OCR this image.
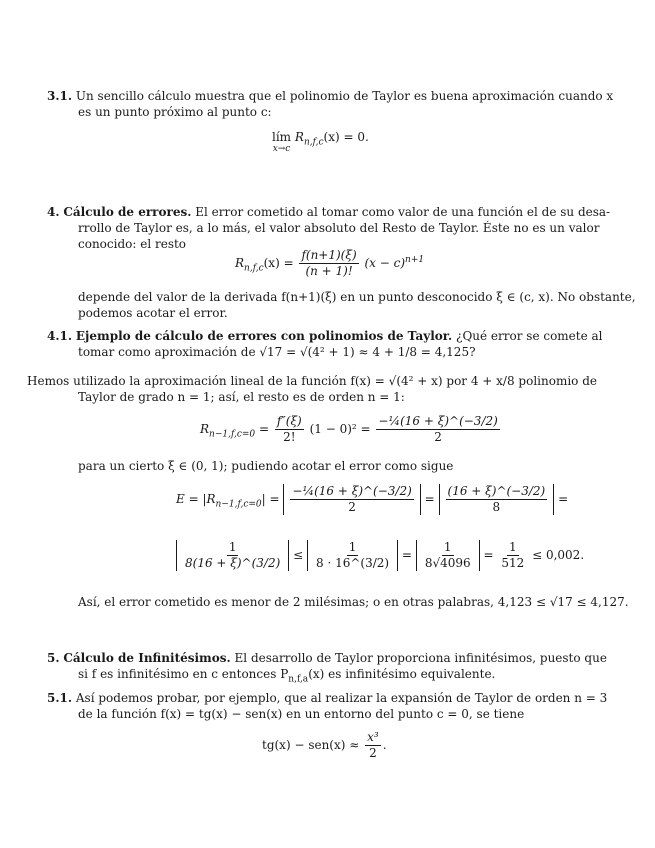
3.1. Un sencillo cálculo muestra que el polinomio de Taylor es buena aproximación cuando x
es un punto próximo al punto c:
lím
x→c
$R_{n,f,c}(x) = 0$.
4. Cálculo de errores. El error cometido al tomar como valor de una función el de su desa-
rrollo de Taylor es, a lo más, el valor absoluto del Resto de Taylor. Éste no es un valor
conocido: el resto
$R_{n,f,c}(x) = \frac{f(n+1)(\xi)}{(n + 1)!} (x - c)^{n+1}$
depende del valor de la derivada f(n+1)(ξ) en un punto desconocido ξ ∈ (c, x). No obstante,
podemos acotar el error.
4.1. Ejemplo de cálculo de errores con polinomios de Taylor. ¿Qué error se comete al
tomar como aproximación de √17 = √(4² + 1) ≈ 4 + 1/8 = 4,125?
Hemos utilizado la aproximación lineal de la función f(x) = √(4² + x) por 4 + x/8 polinomio de
Taylor de grado n = 1; así, el resto es de orden n = 1:
$R_{n-1,f,c=0} = \frac{f''(\xi)}{2!} (1 - 0)^2 = \frac{\text{−¼(16 + ξ)\textasciicircum{}(−3/2)}}{2}$
para un cierto ξ ∈ (0, 1); pudiendo acotar el error como sigue
$E = |R_{n-1,f,c=0}| = \frac{\text{−¼(16 + ξ)\textasciicircum{}(−3/2)}}{2} = \frac{(16 + \xi)\^{}(-3/2)}{8}$ =
$\frac{1}{8(16 + \xi)\^{}(3/2)} \le \frac{1}{8 \cdot 16\^{}(3/2)} = \frac{1}{8√4096} = \frac{1}{512} \le 0,002$.
Así, el error cometido es menor de 2 milésimas; o en otras palabras, 4,123 ≤ √17 ≤ 4,127.
5. Cálculo de Infinitésimos. El desarrollo de Taylor proporciona infinitésimos, puesto que
si f es infinitésimo en c entonces $P_{n,f,a}(x)$ es infinitésimo equivalente.
5.1. Así podemos probar, por ejemplo, que al realizar la expansión de Taylor de orden n = 3
de la función f(x) = tg(x) − sen(x) en un entorno del punto c = 0, se tiene
$tg(x) - sen(x) \approx \frac{\text{x³}}{2}$ .
